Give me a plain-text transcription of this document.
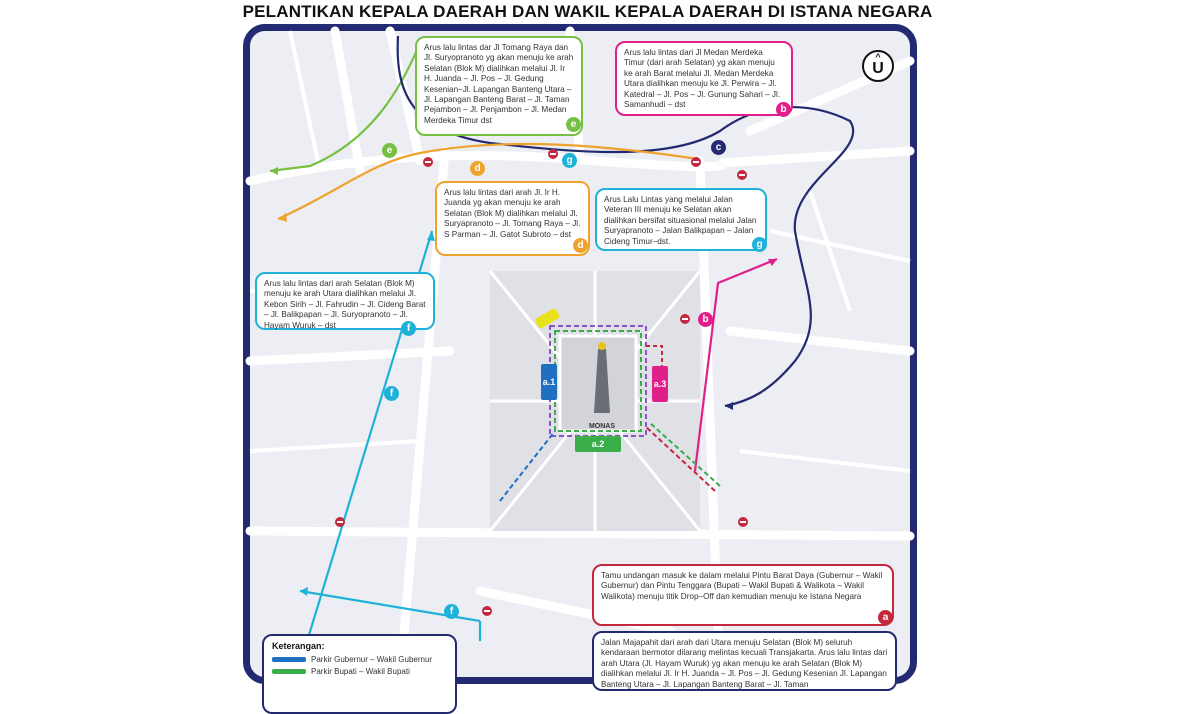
PELANTIKAN KEPALA DAERAH DAN WAKIL KEPALA DAERAH DI ISTANA NEGARA
MONAS
Arus lalu lintas dar Jl Tomang Raya dan Jl. Suryopranoto yg akan menuju ke arah Selatan (Blok M) dialihkan melalui Jl. Ir H. Juanda – Jl. Pos – Jl. Gedung Kesenian–Jl. Lapangan Banteng Utara – Jl. Lapangan Banteng Barat – Jl. Taman Pejambon – Jl. Penjambon – Jl. Medan Merdeka Timur dst	e
Arus lalu lintas dari Jl Medan Merdeka Timur (dari arah Selatan) yg akan menuju ke arah Barat melalui Jl. Medan Merdeka Utara dialihkan menuju ke Jl. Perwira – Jl. Katedral – Jl. Pos – Jl. Gunung Sahari – Jl. Samanhudi – dst	b
Arus lalu lintas dari arah Jl. Ir H. Juanda yg akan menuju ke arah Selatan (Blok M) dialihkan melalui Jl. Suryapranoto – Jl. Tomang Raya – Jl. S Parman – Jl. Gatot Subroto – dst
d
Arus Lalu Lintas yang melalui Jalan Veteran III menuju ke Selatan akan dialihkan bersifat situasional melalui Jalan Suryapranoto – Jalan Balikpapan – Jalan Cideng Timur–dst.	g
Arus lalu lintas dari arah Selatan (Blok M) menuju ke arah Utara dialihkan melalui Jl. Kebon Sirih – Jl. Fahrudin – Jl. Cideng Barat – Jl. Balikpapan – Jl. Suryopranoto – Jl. Hayam Wuruk – dst	f
Tamu undangan masuk ke dalam melalui Pintu Barat Daya (Gubernur – Wakil Gubernur) dan Pintu Tenggara (Bupati – Wakil Bupati & Walikota – Wakil Walikota) menuju titik Drop–Off dan kemudian menuju ke Istana Negara
a
Jalan Majapahit dari arah dari Utara menuju Selatan (Blok M) seluruh kendaraan bermotor dilarang melintas kecuali Transjakarta. Arus lalu lintas dari arah Utara (Jl. Hayam Wuruk) yg akan menuju ke arah Selatan (Blok M) dialihkan melalui Jl. Ir H. Juanda – Jl. Pos – Jl. Gedung Kesenian Jl. Lapangan Banteng Utara – Jl. Lapangan Banteng Barat – Jl. Taman
e
d
g
c
b
f
f
a.1	a.3
a.2
^
U
Keterangan:
Parkir Gubernur – Wakil Gubernur
Parkir Bupati – Wakil Bupati
